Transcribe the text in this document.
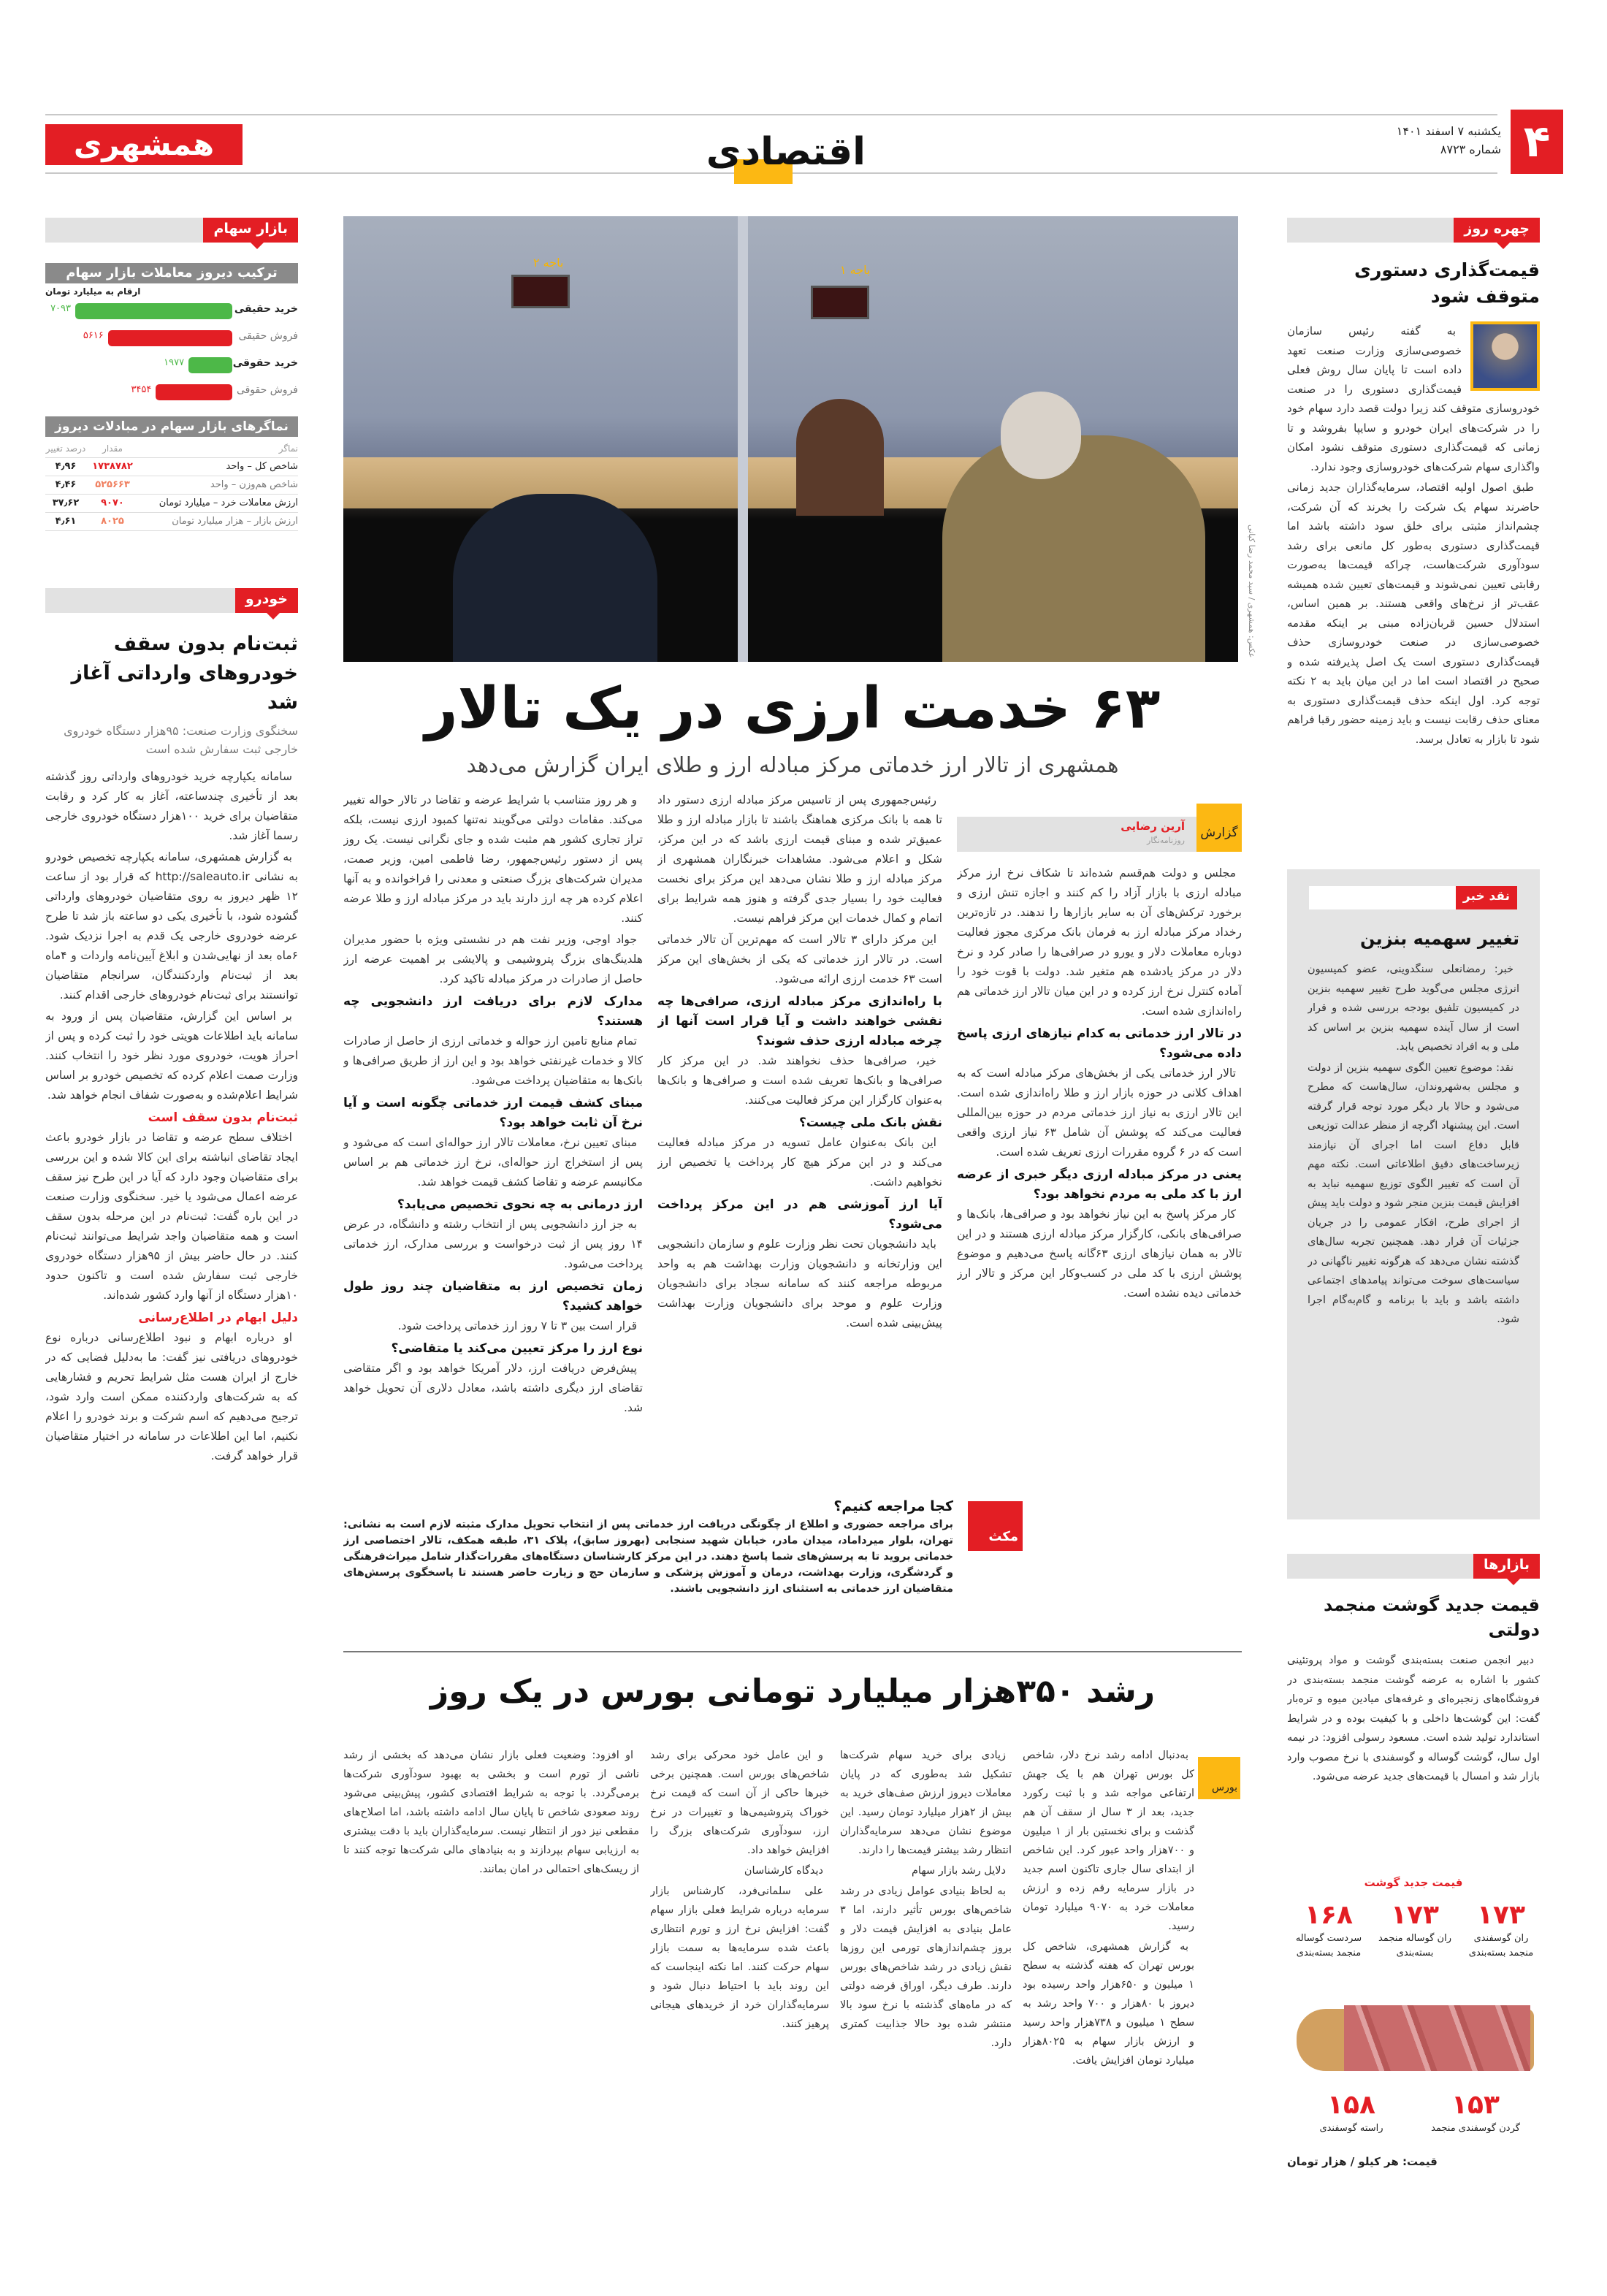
۴
یکشنبه ۷ اسفند ۱۴۰۱
شماره ۸۷۲۳
اقتصادی
همشهری
بازار سهام
ترکیب دیروز معاملات بازار سهام
ارقام به میلیارد تومان
خرید حقیقی
۷۰۹۳
فروش حقیقی
۵۶۱۶
خرید حقوقی
۱۹۷۷
فروش حقوقی
۳۴۵۴
نماگرهای بازار سهام در مبادلات دیروز
نماگر
مقدار
درصد تغییر
شاخص کل – واحد
۱۷۳۸۷۸۲
۴٫۹۶
شاخص هم‌وزن – واحد
۵۲۵۶۶۳
۴٫۴۶
ارزش معاملات خرد – میلیارد تومان
۹۰۷۰
۳۷٫۶۲
ارزش بازار – هزار میلیارد تومان
۸۰۲۵
۴٫۶۱
خودرو
ثبت‌نام بدون سقف خودروهای وارداتی آغاز شد
سخنگوی وزارت صنعت: ۹۵هزار دستگاه خودروی خارجی ثبت سفارش شده است

سامانه یکپارچه خرید خودروهای وارداتی روز گذشته بعد از تأخیری چندساعته، آغاز به کار کرد و رقابت متقاضیان برای خرید ۱۰۰هزار دستگاه خودروی خارجی رسما آغاز شد.

به گزارش همشهری، سامانه یکپارچه تخصیص خودرو به نشانی http://saleauto.ir که قرار بود از ساعت ۱۲ ظهر دیروز به روی متقاضیان خودروهای وارداتی گشوده شود، با تأخیری یکی دو ساعته باز شد تا طرح عرضه خودروی خارجی یک قدم به اجرا نزدیک شود. ۶ماه بعد از نهایی‌شدن و ابلاغ آیین‌نامه واردات و ۴ماه بعد از ثبت‌نام واردکنندگان، سرانجام متقاضیان توانستند برای ثبت‌نام خودروهای خارجی اقدام کنند.

بر اساس این گزارش، متقاضیان پس از ورود به سامانه باید اطلاعات هویتی خود را ثبت کرده و پس از احراز هویت، خودروی مورد نظر خود را انتخاب کنند. وزارت صمت اعلام کرده که تخصیص خودرو بر اساس شرایط اعلام‌شده و به‌صورت شفاف انجام خواهد شد.

ثبت‌نام بدون سقف است

اختلاف سطح عرضه و تقاضا در بازار خودرو باعث ایجاد تقاضای انباشته برای این کالا شده و این بررسی برای متقاضیان وجود دارد که آیا در این طرح نیز سقف عرضه اعمال می‌شود یا خیر. سخنگوی وزارت صنعت در این باره گفت: ثبت‌نام در این مرحله بدون سقف است و همه متقاضیان واجد شرایط می‌توانند ثبت‌نام کنند. در حال حاضر بیش از ۹۵هزار دستگاه خودروی خارجی ثبت سفارش شده است و تاکنون حدود ۱۰هزار دستگاه از آنها وارد کشور شده‌اند.

دلیل ابهام در اطلاع‌رسانی

او درباره ابهام و نبود اطلاع‌رسانی درباره نوع خودروهای دریافتی نیز گفت: ما به‌دلیل فضایی که در خارج از ایران هست مثل شرایط تحریم و فشارهایی که به شرکت‌های واردکننده ممکن است وارد شود، ترجیح می‌دهیم که اسم شرکت و برند خودرو را اعلام نکنیم، اما این اطلاعات در سامانه در اختیار متقاضیان قرار خواهد گرفت.

باجه ۱
باجه ۲
عکس: همشهری / سید محمد رضا کیانی
۶۳ خدمت ارزی در یک تالار
همشهری از تالار ارز خدماتی مرکز مبادله ارز و طلای ایران گزارش می‌دهد
گزارش
آرین رضایی
روزنامه‌نگار

مجلس و دولت هم‌قسم شده‌اند تا شکاف نرخ ارز مرکز مبادله ارزی با بازار آزاد را کم کنند و اجازه تنش ارزی و برخورد ترکش‌های آن به سایر بازارها را ندهند. در تازه‌ترین رخداد مرکز مبادله ارز به فرمان بانک مرکزی مجوز فعالیت دوباره معاملات دلار و یورو در صرافی‌ها را صادر کرد و نرخ دلار در مرکز یادشده هم متغیر شد. دولت با قوت خود را آماده کنترل نرخ ارز کرده و در این میان تالار ارز خدماتی هم راه‌اندازی شده است.

در تالار ارز خدماتی به کدام نیازهای ارزی پاسخ داده می‌شود؟

تالار ارز خدماتی یکی از بخش‌های مرکز مبادله است که به اهداف کلانی در حوزه بازار ارز و طلا راه‌اندازی شده است. این تالار ارزی به نیاز ارز خدماتی مردم در حوزه بین‌المللی فعالیت می‌کند که پوشش آن شامل ۶۳ نیاز ارزی واقعی است که در ۶ گروه مقررات ارزی تعریف شده است.

یعنی در مرکز مبادله ارزی دیگر خبری از عرضه ارز با کد ملی به مردم نخواهد بود؟

کار مرکز پاسخ به این نیاز نخواهد بود و صرافی‌ها، بانک‌ها و صرافی‌های بانکی، کارگزار مرکز مبادله ارزی هستند و در این تالار به همان نیازهای ارزی ۶۳گانه پاسخ می‌دهیم و موضوع پوشش ارزی با کد ملی در کسب‌وکار این مرکز و تالار ارز خدماتی دیده نشده است.

رئیس‌جمهوری پس از تاسیس مرکز مبادله ارزی دستور داد تا همه با بانک مرکزی هماهنگ باشند تا بازار مبادله ارز و طلا عمیق‌تر شده و مبنای قیمت ارزی باشد که در این مرکز، شکل و اعلام می‌شود. مشاهدات خبرنگاران همشهری از مرکز مبادله ارز و طلا نشان می‌دهد این مرکز برای نخست فعالیت خود را بسیار جدی گرفته و هنوز همه شرایط برای اتمام و کمال خدمات این مرکز فراهم نیست.

این مرکز دارای ۳ تالار است که مهم‌ترین آن تالار خدماتی است. در تالار ارز خدماتی که یکی از بخش‌های این مرکز است ۶۳ خدمت ارزی ارائه می‌شود.

با راه‌اندازی مرکز مبادله ارزی، صرافی‌ها چه نقشی خواهند داشت و آیا قرار است آنها از چرخه مبادله ارزی حذف شوند؟

خیر، صرافی‌ها حذف نخواهند شد. در این مرکز کار صرافی‌ها و بانک‌ها تعریف شده است و صرافی‌ها و بانک‌ها به‌عنوان کارگزار این مرکز فعالیت می‌کنند.

نقش بانک ملی چیست؟

این بانک به‌عنوان عامل تسویه در مرکز مبادله فعالیت می‌کند و در این مرکز هیچ کار پرداخت یا تخصیص ارز نخواهیم داشت.

آیا ارز آموزشی هم در این مرکز پرداخت می‌شود؟

باید دانشجویان تحت نظر وزارت علوم و سازمان دانشجویی این وزارتخانه و دانشجویان وزارت بهداشت هم به واحد مربوطه مراجعه کنند که سامانه سجاد برای دانشجویان وزارت علوم و موحد برای دانشجویان وزارت بهداشت پیش‌بینی شده است.

و هر روز متناسب با شرایط عرضه و تقاضا در تالار حواله تغییر می‌کند. مقامات دولتی می‌گویند نه‌تنها کمبود ارزی نیست، بلکه تراز تجاری کشور هم مثبت شده و جای نگرانی نیست. یک روز پس از دستور رئیس‌جمهور، رضا فاطمی امین، وزیر صمت، مدیران شرکت‌های بزرگ صنعتی و معدنی را فراخوانده و به آنها اعلام کرده هر چه ارز دارند باید در مرکز مبادله ارز و طلا عرضه کنند.

جواد اوجی، وزیر نفت هم در نشستی ویژه با حضور مدیران هلدینگ‌های بزرگ پتروشیمی و پالایشی بر اهمیت عرضه ارز حاصل از صادرات در مرکز مبادله تاکید کرد.

مدارک لازم برای دریافت ارز دانشجویی چه هستند؟

تمام منابع تامین ارز حواله و خدماتی ارزی از حاصل از صادرات کالا و خدمات غیرنفتی خواهد بود و این ارز از طریق صرافی‌ها و بانک‌ها به متقاضیان پرداخت می‌شود.

مبنای کشف قیمت ارز خدماتی چگونه است و آیا نرخ آن ثابت خواهد بود؟

مبنای تعیین نرخ، معاملات تالار ارز حواله‌ای است که می‌شود و پس از استخراج ارز حواله‌ای، نرخ ارز خدماتی هم بر اساس مکانیسم عرضه و تقاضا کشف قیمت خواهد شد.

ارز درمانی به چه نحوی تخصیص می‌یابد؟

به جز ارز دانشجویی پس از انتخاب رشته و دانشگاه، در عرض ۱۴ روز پس از ثبت درخواست و بررسی مدارک، ارز خدماتی پرداخت می‌شود.

زمان تخصیص ارز به متقاضیان چند روز طول خواهد کشید؟

قرار است بین ۳ تا ۷ روز ارز خدماتی پرداخت شود.

نوع ارز را مرکز تعیین می‌کند یا متقاضی؟

پیش‌فرض دریافت ارز، دلار آمریکا خواهد بود و اگر متقاضی تقاضای ارز دیگری داشته باشد، معادل دلاری آن تحویل خواهد شد.

مکث
کجا مراجعه کنیم؟
برای مراجعه حضوری و اطلاع از چگونگی دریافت ارز خدماتی پس از انتخاب تحویل مدارک مثبته لازم است به نشانی: تهران، بلوار میرداماد، میدان مادر، خیابان شهید سنجابی (بهروز سابق)، پلاک ۳۱، طبقه همکف، تالار اختصاصی ارز خدماتی بروید تا به پرسش‌های شما پاسخ دهند. در این مرکز کارشناسان دستگاه‌های مقررات‌گذار شامل میراث‌فرهنگی و گردشگری، وزارت بهداشت، درمان و آموزش پزشکی و سازمان حج و زیارت حاضر هستند تا پاسخگوی پرسش‌های متقاضیان ارز خدماتی به استثنای ارز دانشجویی باشند.
رشد ۳۵۰هزار میلیارد تومانی بورس در یک روز
بورس

به‌دنبال ادامه رشد نرخ دلار، شاخص کل بورس تهران هم با یک جهش ارتفاعی مواجه شد و با ثبت رکورد جدید، بعد از ۳ سال از سقف آن هم گذشت و برای نخستین بار از ۱ میلیون و ۷۰۰هزار واحد عبور کرد. این شاخص از ابتدای سال جاری تاکنون اسم جدید در بازار سرمایه رقم زده و ارزش معاملات خرد به ۹۰۷۰ میلیارد تومان رسید.

به گزارش همشهری، شاخص کل بورس تهران که هفته گذشته به سطح ۱ میلیون و ۶۵۰هزار واحد رسیده بود دیروز با ۸۰هزار و ۷۰۰ واحد رشد به سطح ۱ میلیون و ۷۳۸هزار واحد رسید و ارزش بازار سهام به ۸۰۲۵هزار میلیارد تومان افزایش یافت.

زیادی برای خرید سهام شرکت‌ها تشکیل شد به‌طوری که در پایان معاملات دیروز ارزش صف‌های خرید به بیش از ۲هزار میلیارد تومان رسید. این موضوع نشان می‌دهد سرمایه‌گذاران انتظار رشد بیشتر قیمت‌ها را دارند.

دلایل رشد بازار سهام

به لحاظ بنیادی عوامل زیادی در رشد شاخص‌های بورس تأثیر دارند، اما ۳ عامل بنیادی به افزایش قیمت دلار و بروز چشم‌اندازهای تورمی این روزها نقش زیادی در رشد شاخص‌های بورس دارند. طرف دیگر، اوراق قرضه دولتی که در ماه‌های گذشته با نرخ سود بالا منتشر شده بود حالا جذابیت کمتری دارد.

و این عامل خود محرکی برای رشد شاخص‌های بورس است. همچنین برخی خبرها حاکی از آن است که قیمت نرخ خوراک پتروشیمی‌ها و تغییرات در نرخ ارز، سودآوری شرکت‌های بزرگ را افزایش خواهد داد.

دیدگاه کارشناسان

علی سلمانی‌فرد، کارشناس بازار سرمایه درباره شرایط فعلی بازار سهام گفت: افزایش نرخ ارز و تورم انتظاری باعث شده سرمایه‌ها به سمت بازار سهام حرکت کنند. اما نکته اینجاست که این روند باید با احتیاط دنبال شود و سرمایه‌گذاران خرد از خریدهای هیجانی پرهیز کنند.

او افزود: وضعیت فعلی بازار نشان می‌دهد که بخشی از رشد ناشی از تورم است و بخشی به بهبود سودآوری شرکت‌ها برمی‌گردد. با توجه به شرایط اقتصادی کشور، پیش‌بینی می‌شود روند صعودی شاخص تا پایان سال ادامه داشته باشد، اما اصلاح‌های مقطعی نیز دور از انتظار نیست. سرمایه‌گذاران باید با دقت بیشتری به ارزیابی سهام بپردازند و به بنیادهای مالی شرکت‌ها توجه کنند تا از ریسک‌های احتمالی در امان بمانند.

چهره روز
قیمت‌گذاری دستوری متوقف شود

به گفته رئیس سازمان خصوصی‌سازی وزارت صنعت تعهد داده است تا پایان سال روش فعلی قیمت‌گذاری دستوری را در صنعت خودروسازی متوقف کند زیرا دولت قصد دارد سهام خود را در شرکت‌های ایران خودرو و سایپا بفروشد و تا زمانی که قیمت‌گذاری دستوری متوقف نشود امکان واگذاری سهام شرکت‌های خودروسازی وجود ندارد.

طبق اصول اولیه اقتصاد، سرمایه‌گذاران جدید زمانی حاضرند سهام یک شرکت را بخرند که آن شرکت، چشم‌انداز مثبتی برای خلق سود داشته باشد اما قیمت‌گذاری دستوری به‌طور کل مانعی برای رشد سودآوری شرکت‌هاست، چراکه قیمت‌ها به‌صورت رقابتی تعیین نمی‌شوند و قیمت‌های تعیین شده همیشه عقب‌تر از نرخ‌های واقعی هستند. بر همین اساس، استدلال حسین قربان‌زاده مبنی بر اینکه مقدمه خصوصی‌سازی در صنعت خودروسازی حذف قیمت‌گذاری دستوری است یک اصل پذیرفته شده و صحیح در اقتصاد است اما در این میان باید به ۲ نکته توجه کرد. اول اینکه حذف قیمت‌گذاری دستوری به معنای حذف رقابت نیست و باید زمینه حضور رقبا فراهم شود تا بازار به تعادل برسد.

نقد خبر
تغییر سهمیه بنزین

خبر: رمضانعلی سنگدوینی، عضو کمیسیون انرژی مجلس می‌گوید طرح تغییر سهمیه بنزین در کمیسیون تلفیق بودجه بررسی شده و قرار است از سال آینده سهمیه بنزین بر اساس کد ملی و به افراد تخصیص یابد.

نقد: موضوع تعیین الگوی سهمیه بنزین از دولت و مجلس به‌شهروندان، سال‌هاست که مطرح می‌شود و حالا بار دیگر مورد توجه قرار گرفته است. این پیشنهاد اگرچه از منظر عدالت توزیعی قابل دفاع است اما اجرای آن نیازمند زیرساخت‌های دقیق اطلاعاتی است. نکته مهم آن است که تغییر الگوی توزیع سهمیه نباید به افزایش قیمت بنزین منجر شود و دولت باید پیش از اجرای طرح، افکار عمومی را در جریان جزئیات آن قرار دهد. همچنین تجربه سال‌های گذشته نشان می‌دهد که هرگونه تغییر ناگهانی در سیاست‌های سوخت می‌تواند پیامدهای اجتماعی داشته باشد و باید با برنامه و گام‌به‌گام اجرا شود.

بازارها
قیمت جدید گوشت منجمد دولتی

دبیر انجمن صنعت بسته‌بندی گوشت و مواد پروتئینی کشور با اشاره به عرضه گوشت منجمد بسته‌بندی در فروشگاه‌های زنجیره‌ای و غرفه‌های میادین میوه و تره‌بار گفت: این گوشت‌ها داخلی و با کیفیت بوده و در شرایط استاندارد تولید شده است. مسعود رسولی افزود: در نیمه اول سال، گوشت گوساله و گوسفندی با نرخ مصوب وارد بازار شد و امسال با قیمت‌های جدید عرضه می‌شود.

قیمت جدید گوشت
۱۷۳
ران گوسفندی منجمد بسته‌بندی
۱۷۳
ران گوساله منجمد بسته‌بندی
۱۶۸
سردست گوساله منجمد بسته‌بندی
۱۵۳
گردن گوسفندی منجمد
۱۵۸
راسته گوسفندی
قیمت: هر کیلو / هزار تومان
